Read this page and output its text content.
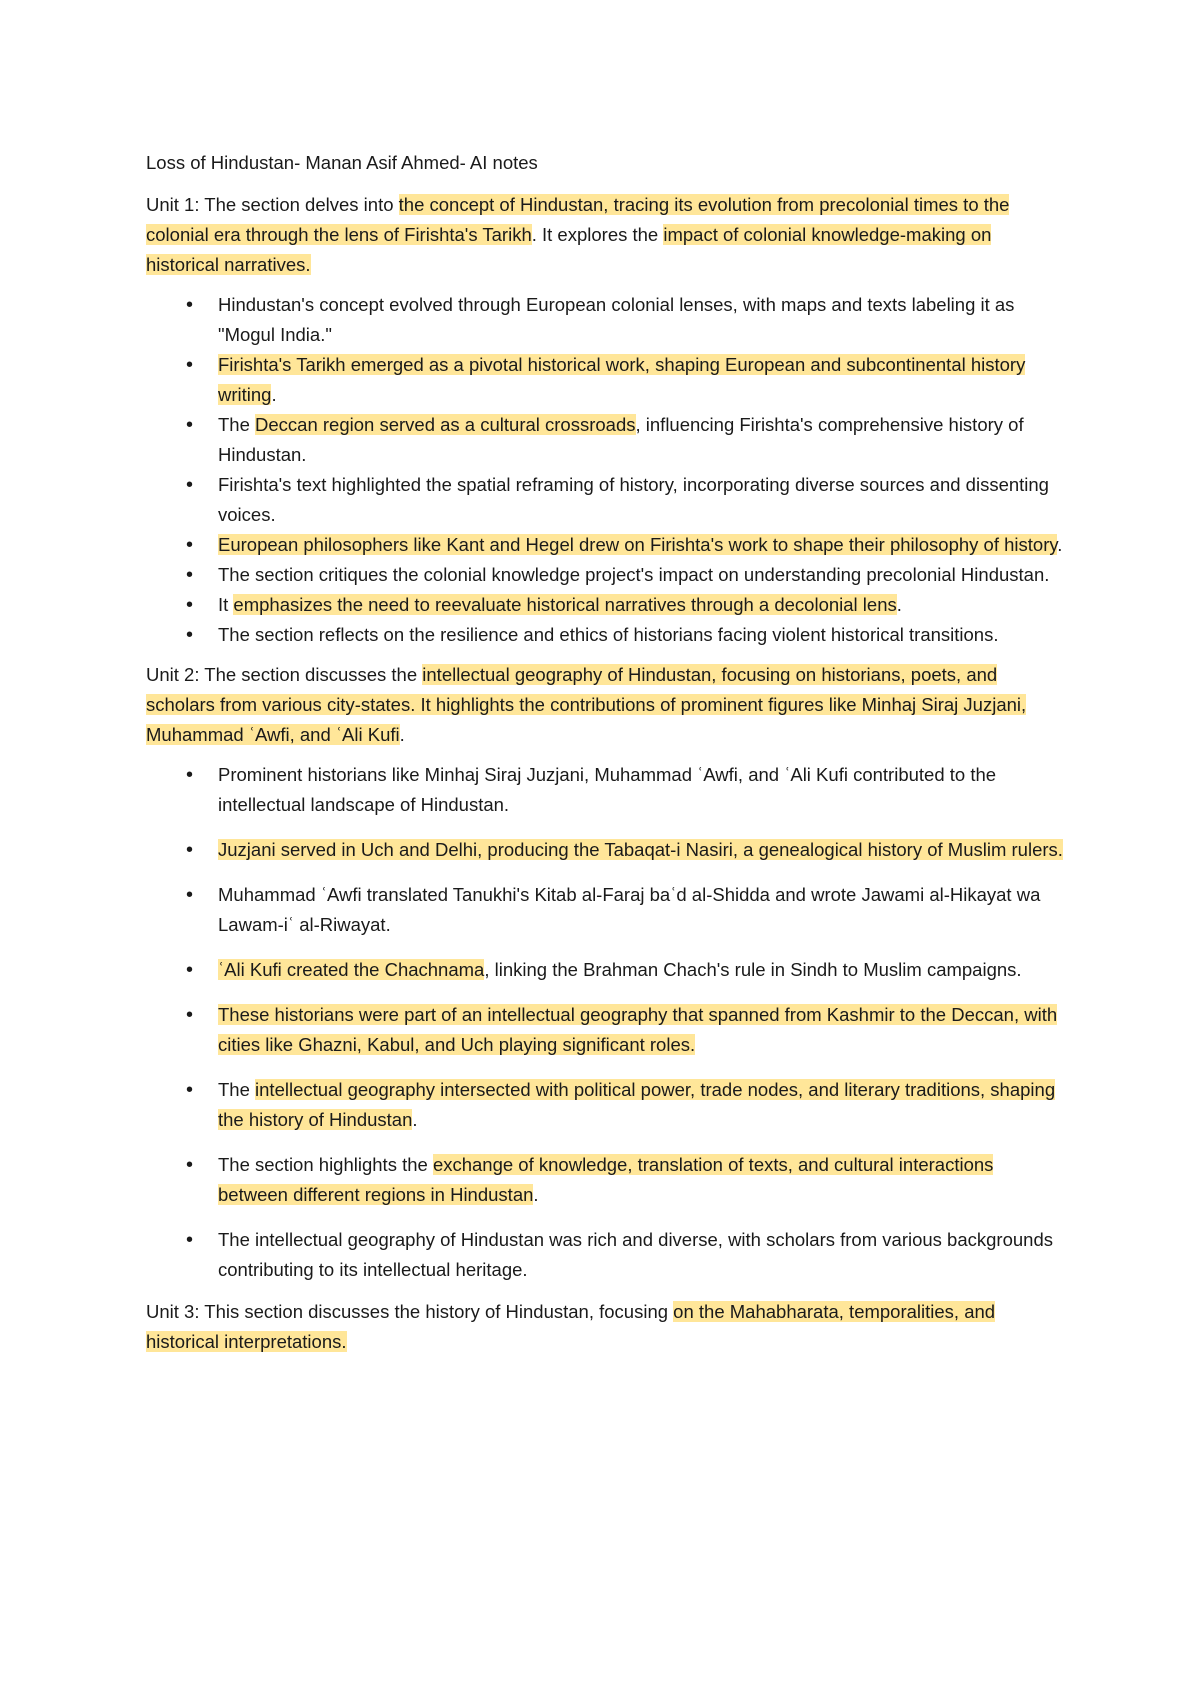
Loss of Hindustan- Manan Asif Ahmed- AI notes

Unit 1: The section delves into the concept of Hindustan, tracing its evolution from precolonial times to the colonial era through the lens of Firishta's Tarikh. It explores the impact of colonial knowledge-making on historical narratives.

• Hindustan's concept evolved through European colonial lenses, with maps and texts labeling it as "Mogul India."
• Firishta's Tarikh emerged as a pivotal historical work, shaping European and subcontinental history writing.
• The Deccan region served as a cultural crossroads, influencing Firishta's comprehensive history of Hindustan.
• Firishta's text highlighted the spatial reframing of history, incorporating diverse sources and dissenting voices.
• European philosophers like Kant and Hegel drew on Firishta's work to shape their philosophy of history.
• The section critiques the colonial knowledge project's impact on understanding precolonial Hindustan.
• It emphasizes the need to reevaluate historical narratives through a decolonial lens.
• The section reflects on the resilience and ethics of historians facing violent historical transitions.

Unit 2: The section discusses the intellectual geography of Hindustan, focusing on historians, poets, and scholars from various city-states. It highlights the contributions of prominent figures like Minhaj Siraj Juzjani, Muhammad ʿAwfi, and ʿAli Kufi.

• Prominent historians like Minhaj Siraj Juzjani, Muhammad ʿAwfi, and ʿAli Kufi contributed to the intellectual landscape of Hindustan.
• Juzjani served in Uch and Delhi, producing the Tabaqat-i Nasiri, a genealogical history of Muslim rulers.
• Muhammad ʿAwfi translated Tanukhi's Kitab al-Faraj baʿd al-Shidda and wrote Jawami al-Hikayat wa Lawam-iʿ al-Riwayat.
• ʿAli Kufi created the Chachnama, linking the Brahman Chach's rule in Sindh to Muslim campaigns.
• These historians were part of an intellectual geography that spanned from Kashmir to the Deccan, with cities like Ghazni, Kabul, and Uch playing significant roles.
• The intellectual geography intersected with political power, trade nodes, and literary traditions, shaping the history of Hindustan.
• The section highlights the exchange of knowledge, translation of texts, and cultural interactions between different regions in Hindustan.
• The intellectual geography of Hindustan was rich and diverse, with scholars from various backgrounds contributing to its intellectual heritage.

Unit 3: This section discusses the history of Hindustan, focusing on the Mahabharata, temporalities, and historical interpretations.
